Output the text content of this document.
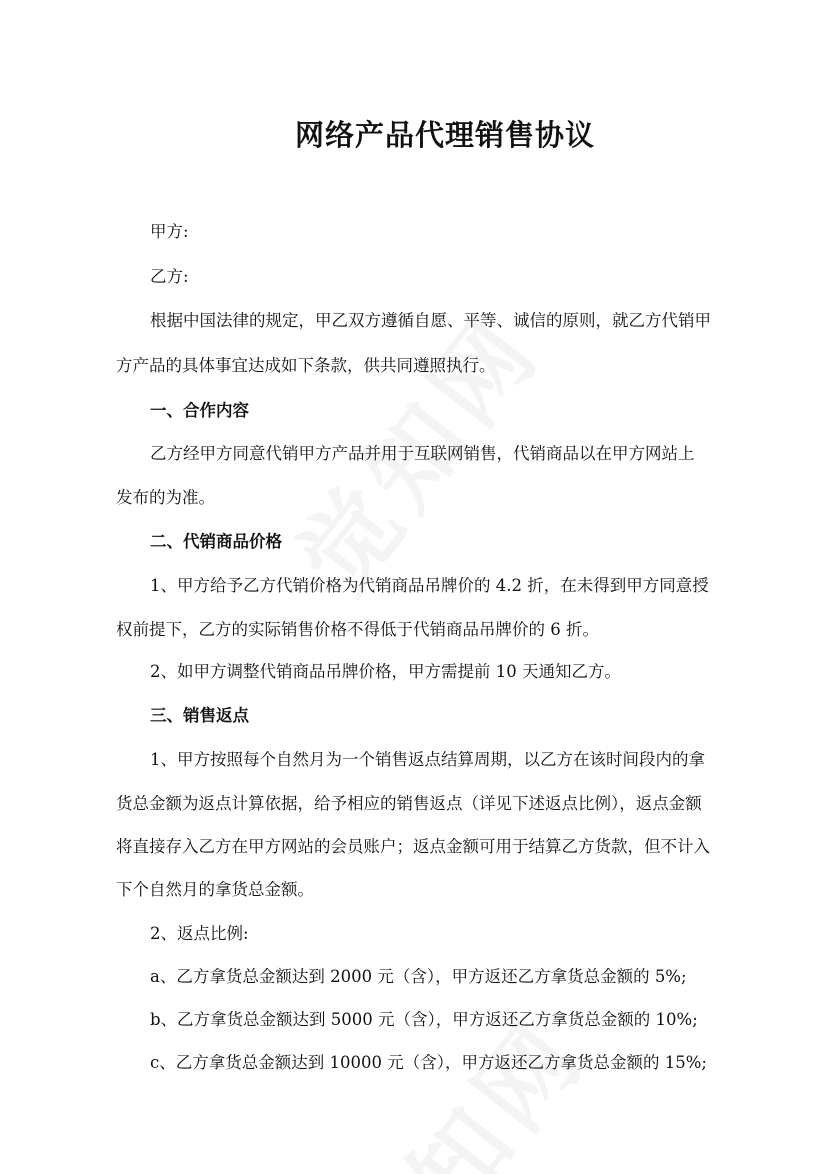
网络产品代理销售协议
甲方:
乙方:
根据中国法律的规定，甲乙双方遵循自愿、平等、诚信的原则，就乙方代销甲
方产品的具体事宜达成如下条款，供共同遵照执行。
一、合作内容
乙方经甲方同意代销甲方产品并用于互联网销售，代销商品以在甲方网站上
发布的为准。
二、代销商品价格
1、甲方给予乙方代销价格为代销商品吊牌价的 4.2 折，在未得到甲方同意授
权前提下，乙方的实际销售价格不得低于代销商品吊牌价的 6 折。
2、如甲方调整代销商品吊牌价格，甲方需提前 10 天通知乙方。
三、销售返点
1、甲方按照每个自然月为一个销售返点结算周期，以乙方在该时间段内的拿
货总金额为返点计算依据，给予相应的销售返点（详见下述返点比例），返点金额
将直接存入乙方在甲方网站的会员账户；返点金额可用于结算乙方货款，但不计入
下个自然月的拿货总金额。
2、返点比例:
a、乙方拿货总金额达到 2000 元（含），甲方返还乙方拿货总金额的 5%;
b、乙方拿货总金额达到 5000 元（含），甲方返还乙方拿货总金额的 10%;
c、乙方拿货总金额达到 10000 元（含），甲方返还乙方拿货总金额的 15%;
